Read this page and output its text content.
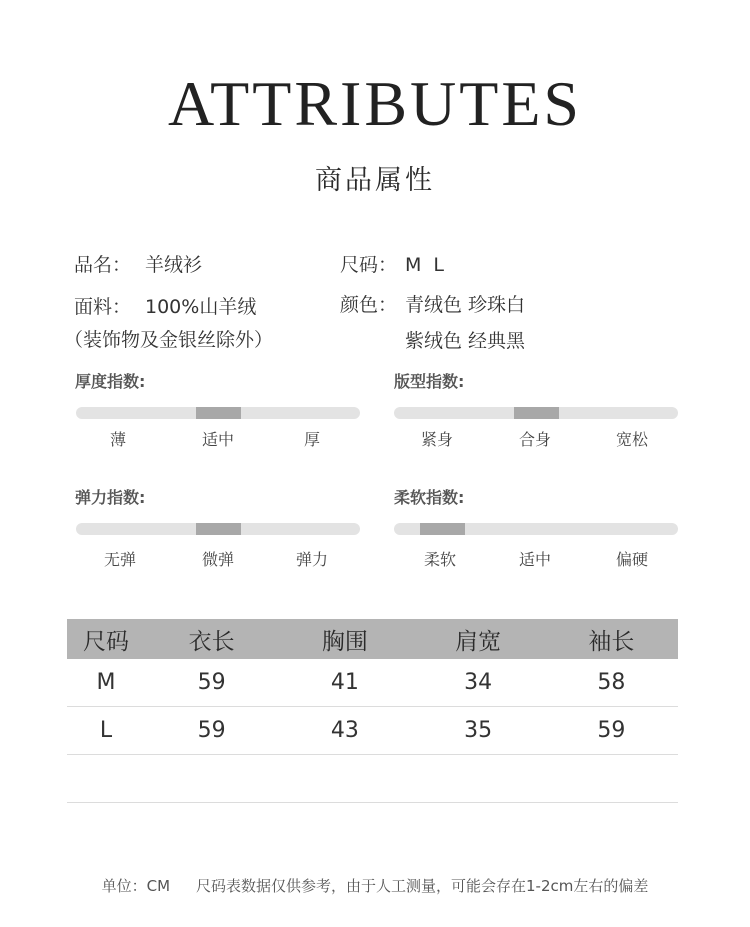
ATTRIBUTES
商品属性
品名： 羊绒衫	尺码： M L
面料： 100%山羊绒
（装饰物及金银丝除外）
颜色： 青绒色 珍珠白
紫绒色 经典黑
厚度指数:
薄	适中	厚
版型指数:
紧身	合身	宽松
弹力指数:
无弹	微弹	弹力
柔软指数:
柔软	适中	偏硬
尺码	衣长	胸围	肩宽	袖长
M	59	41	34	58
L	59	43	35	59

单位：CM 尺码表数据仅供参考，由于人工测量，可能会存在1-2cm左右的偏差
